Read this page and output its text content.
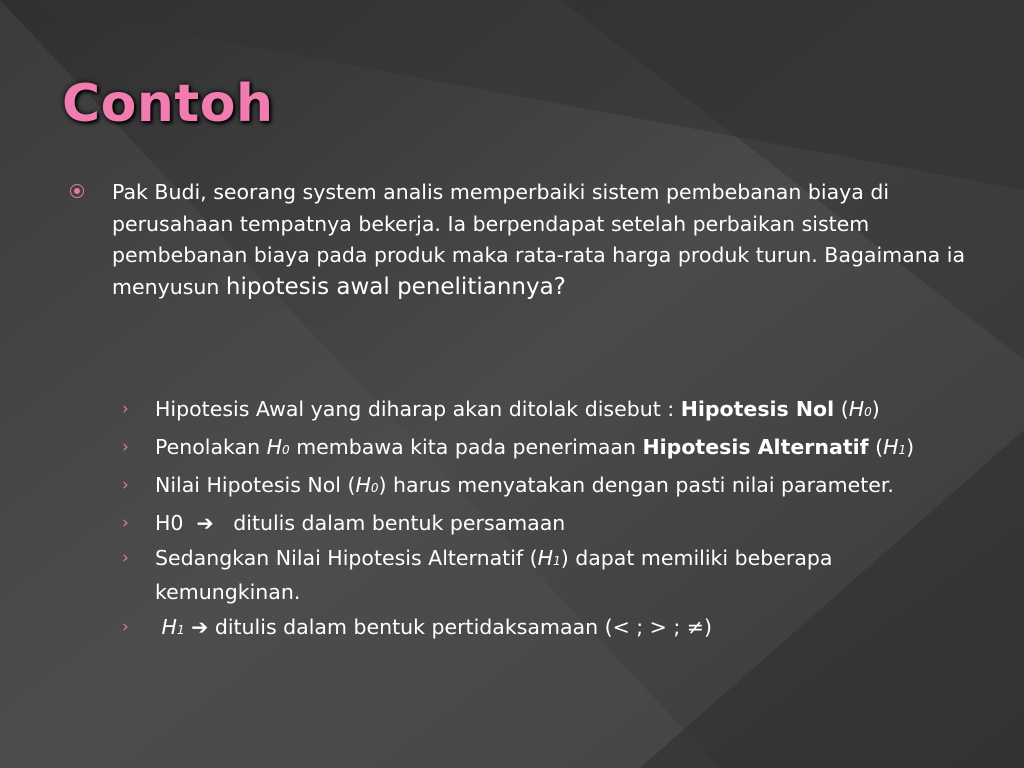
Contoh
Pak Budi, seorang system analis memperbaiki sistem pembebanan biaya di perusahaan tempatnya bekerja. Ia berpendapat setelah perbaikan sistem pembebanan biaya pada produk maka rata-rata harga produk turun. Bagaimana ia menyusun hipotesis awal penelitiannya?
› Hipotesis Awal yang diharap akan ditolak disebut : Hipotesis Nol (H0)
› Penolakan H0 membawa kita pada penerimaan Hipotesis Alternatif (H1)
› Nilai Hipotesis Nol (H0) harus menyatakan dengan pasti nilai parameter.
› H0  ➔   ditulis dalam bentuk persamaan
› Sedangkan Nilai Hipotesis Alternatif (H1) dapat memiliki beberapa kemungkinan.
› H1 ➔ ditulis dalam bentuk pertidaksamaan (< ; > ; ≠)
